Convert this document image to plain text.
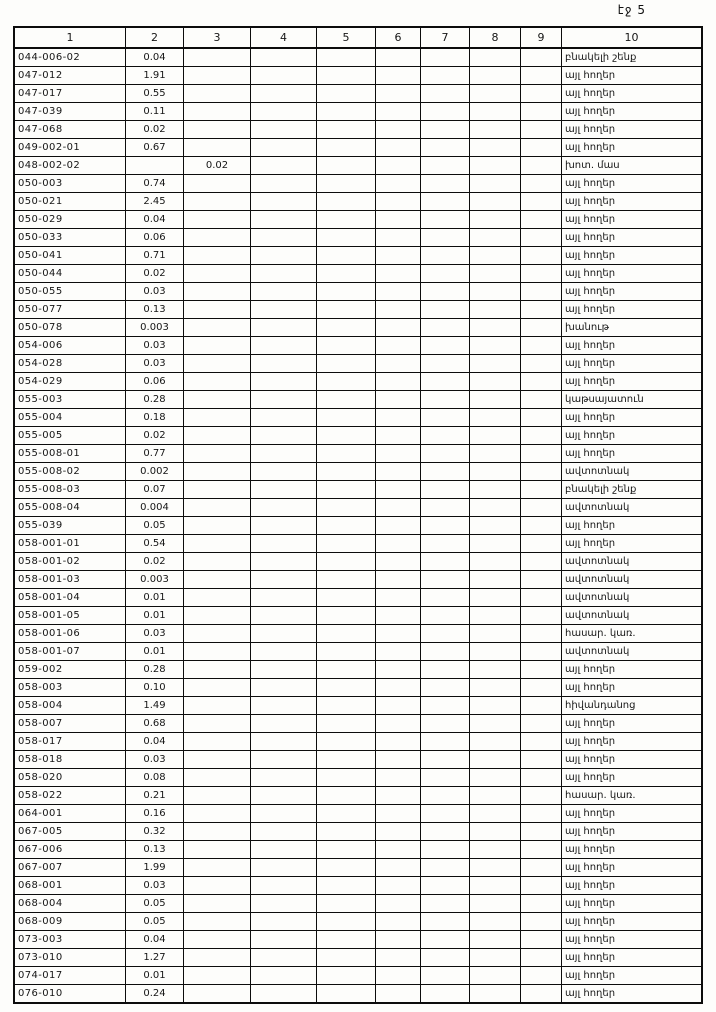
էջ 5
1	2	3	4	5	6	7	8	9	10
044-006-02	0.04								բնակելի շենք
047-012	1.91								այլ հողեր
047-017	0.55								այլ հողեր
047-039	0.11								այլ հողեր
047-068	0.02								այլ հողեր
049-002-01	0.67								այլ հողեր
048-002-02		0.02							խոտ. մաս
050-003	0.74								այլ հողեր
050-021	2.45								այլ հողեր
050-029	0.04								այլ հողեր
050-033	0.06								այլ հողեր
050-041	0.71								այլ հողեր
050-044	0.02								այլ հողեր
050-055	0.03								այլ հողեր
050-077	0.13								այլ հողեր
050-078	0.003								խանութ
054-006	0.03								այլ հողեր
054-028	0.03								այլ հողեր
054-029	0.06								այլ հողեր
055-003	0.28								կաթսայատուն
055-004	0.18								այլ հողեր
055-005	0.02								այլ հողեր
055-008-01	0.77								այլ հողեր
055-008-02	0.002								ավտոտնակ
055-008-03	0.07								բնակելի շենք
055-008-04	0.004								ավտոտնակ
055-039	0.05								այլ հողեր
058-001-01	0.54								այլ հողեր
058-001-02	0.02								ավտոտնակ
058-001-03	0.003								ավտոտնակ
058-001-04	0.01								ավտոտնակ
058-001-05	0.01								ավտոտնակ
058-001-06	0.03								հասար. կառ.
058-001-07	0.01								ավտոտնակ
059-002	0.28								այլ հողեր
058-003	0.10								այլ հողեր
058-004	1.49								հիվանդանոց
058-007	0.68								այլ հողեր
058-017	0.04								այլ հողեր
058-018	0.03								այլ հողեր
058-020	0.08								այլ հողեր
058-022	0.21								հասար. կառ.
064-001	0.16								այլ հողեր
067-005	0.32								այլ հողեր
067-006	0.13								այլ հողեր
067-007	1.99								այլ հողեր
068-001	0.03								այլ հողեր
068-004	0.05								այլ հողեր
068-009	0.05								այլ հողեր
073-003	0.04								այլ հողեր
073-010	1.27								այլ հողեր
074-017	0.01								այլ հողեր
076-010	0.24								այլ հողեր
